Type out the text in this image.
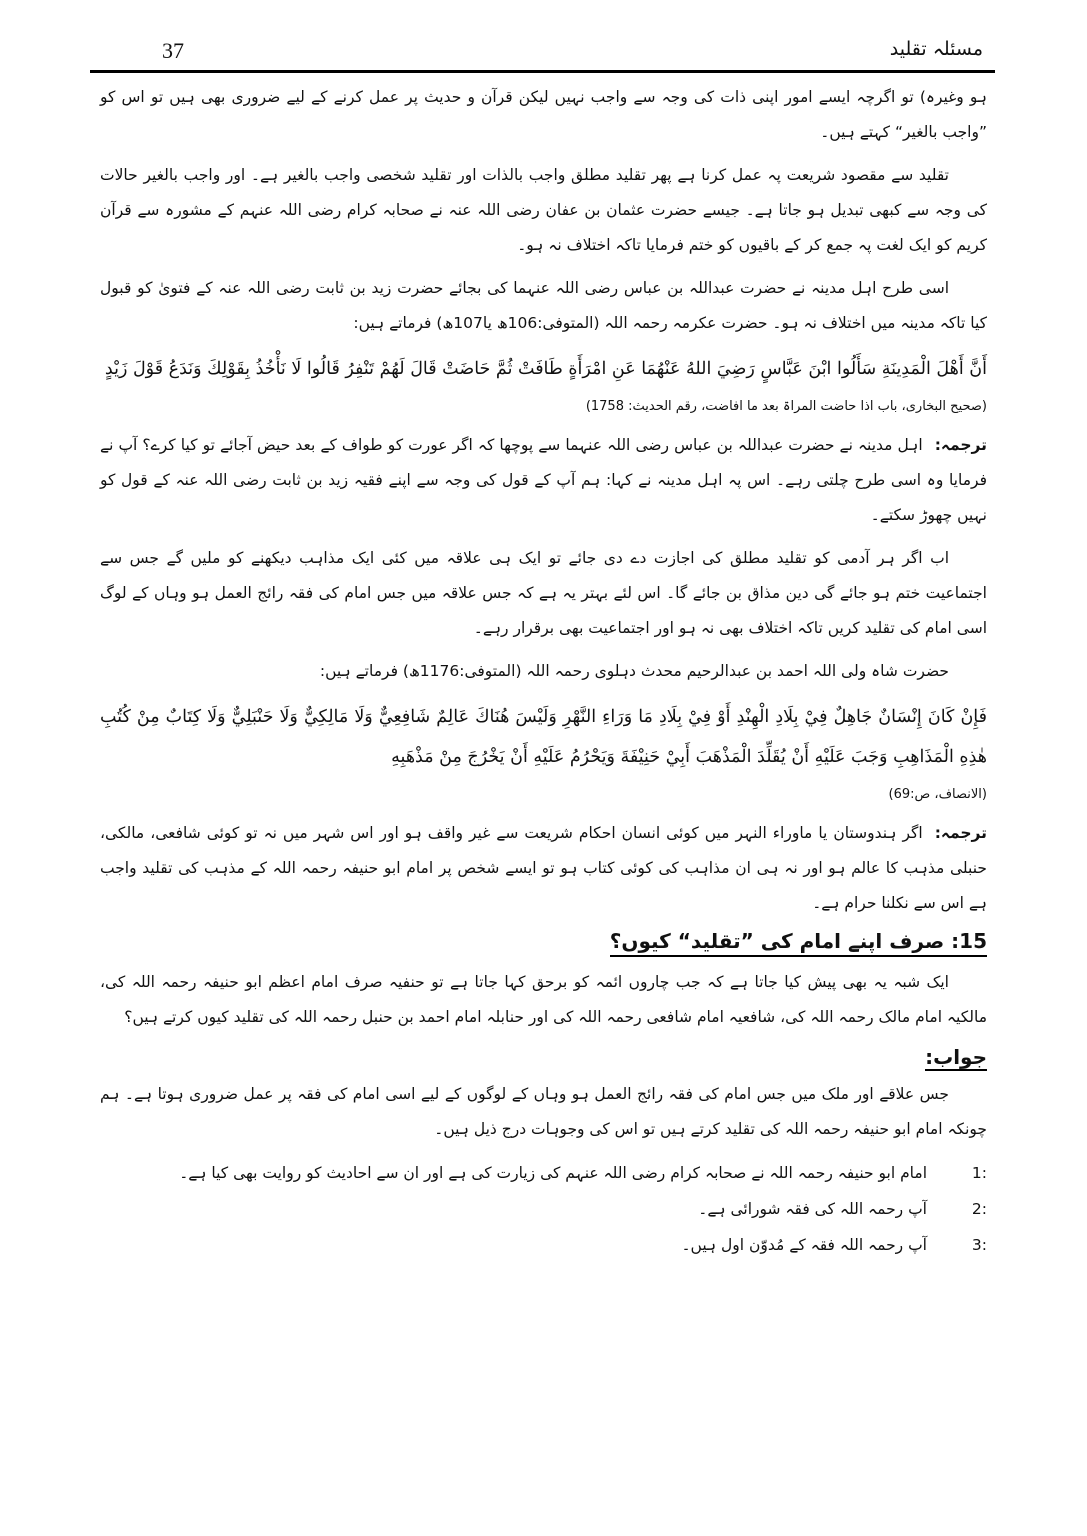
37	مسئلہ تقلید

ہو وغیرہ) تو اگرچہ ایسے امور اپنی ذات کی وجہ سے واجب نہیں لیکن قرآن و حدیث پر عمل کرنے کے لیے ضروری بھی ہیں تو اس کو ”واجب بالغیر“ کہتے ہیں۔

تقلید سے مقصود شریعت پہ عمل کرنا ہے پھر تقلید مطلق واجب بالذات اور تقلید شخصی واجب بالغیر ہے۔ اور واجب بالغیر حالات کی وجہ سے کبھی تبدیل ہو جاتا ہے۔ جیسے حضرت عثمان بن عفان رضی اللہ عنہ نے صحابہ کرام رضی اللہ عنہم کے مشورہ سے قرآن کریم کو ایک لغت پہ جمع کر کے باقیوں کو ختم فرمایا تاکہ اختلاف نہ ہو۔

اسی طرح اہل مدینہ نے حضرت عبداللہ بن عباس رضی اللہ عنہما کی بجائے حضرت زید بن ثابت رضی اللہ عنہ کے فتویٰ کو قبول کیا تاکہ مدینہ میں اختلاف نہ ہو۔ حضرت عکرمہ رحمہ اللہ (المتوفی:106ھ یا107ھ) فرماتے ہیں:

أَنَّ أَهْلَ الْمَدِينَةِ سَأَلُوا ابْنَ عَبَّاسٍ رَضِيَ اللهُ عَنْهُمَا عَنِ امْرَأَةٍ طَافَتْ ثُمَّ حَاضَتْ قَالَ لَهُمْ تَنْفِرُ قَالُوا لَا نَأْخُذُ بِقَوْلِكَ وَنَدَعُ قَوْلَ زَيْدٍ

(صحیح البخاری، باب اذا حاضت المراۃ بعد ما افاضت، رقم الحدیث: 1758)

ترجمہ:اہل مدینہ نے حضرت عبداللہ بن عباس رضی اللہ عنہما سے پوچھا کہ اگر عورت کو طواف کے بعد حیض آجائے تو کیا کرے؟ آپ نے فرمایا وہ اسی طرح چلتی رہے۔ اس پہ اہل مدینہ نے کہا: ہم آپ کے قول کی وجہ سے اپنے فقیہ زید بن ثابت رضی اللہ عنہ کے قول کو نہیں چھوڑ سکتے۔

اب اگر ہر آدمی کو تقلید مطلق کی اجازت دے دی جائے تو ایک ہی علاقہ میں کئی ایک مذاہب دیکھنے کو ملیں گے جس سے اجتماعیت ختم ہو جائے گی دین مذاق بن جائے گا۔ اس لئے بہتر یہ ہے کہ جس علاقہ میں جس امام کی فقہ رائج العمل ہو وہاں کے لوگ اسی امام کی تقلید کریں تاکہ اختلاف بھی نہ ہو اور اجتماعیت بھی برقرار رہے۔

حضرت شاہ ولی اللہ احمد بن عبدالرحیم محدث دہلوی رحمہ اللہ (المتوفی:1176ھ) فرماتے ہیں:

فَإِنْ كَانَ إِنْسَانٌ جَاهِلٌ فِيْ بِلَادِ الْهِنْدِ أَوْ فِيْ بِلَادِ مَا وَرَاءِ النَّهْرِ وَلَيْسَ هُنَاكَ عَالِمٌ شَافِعِيٌّ وَلَا مَالِكِيٌّ وَلَا حَنْبَلِيٌّ وَلَا كِتَابٌ مِنْ كُتُبِ هٰذِهِ الْمَذَاهِبِ وَجَبَ عَلَيْهِ أَنْ يُقَلِّدَ الْمَذْهَبَ أَبِيْ حَنِيْفَةَ وَيَحْرُمُ عَلَيْهِ أَنْ يَخْرُجَ مِنْ مَذْهَبِهِ

(الانصاف، ص:69)

ترجمہ:اگر ہندوستان یا ماوراء النہر میں کوئی انسان احکام شریعت سے غیر واقف ہو اور اس شہر میں نہ تو کوئی شافعی، مالکی، حنبلی مذہب کا عالم ہو اور نہ ہی ان مذاہب کی کوئی کتاب ہو تو ایسے شخص پر امام ابو حنیفہ رحمہ اللہ کے مذہب کی تقلید واجب ہے اس سے نکلنا حرام ہے۔

15: صرف اپنے امام کی ”تقلید“ کیوں؟

ایک شبہ یہ بھی پیش کیا جاتا ہے کہ جب چاروں ائمہ کو برحق کہا جاتا ہے تو حنفیہ صرف امام اعظم ابو حنیفہ رحمہ اللہ کی، مالکیہ امام مالک رحمہ اللہ کی، شافعیہ امام شافعی رحمہ اللہ کی اور حنابلہ امام احمد بن حنبل رحمہ اللہ کی تقلید کیوں کرتے ہیں؟

جواب:

جس علاقے اور ملک میں جس امام کی فقہ رائج العمل ہو وہاں کے لوگوں کے لیے اسی امام کی فقہ پر عمل ضروری ہوتا ہے۔ ہم چونکہ امام ابو حنیفہ رحمہ اللہ کی تقلید کرتے ہیں تو اس کی وجوہات درج ذیل ہیں۔

:1
امام ابو حنیفہ رحمہ اللہ نے صحابہ کرام رضی اللہ عنہم کی زیارت کی ہے اور ان سے احادیث کو روایت بھی کیا ہے۔
:2
آپ رحمہ اللہ کی فقہ شورائی ہے۔
:3
آپ رحمہ اللہ فقہ کے مُدوّن اول ہیں۔
